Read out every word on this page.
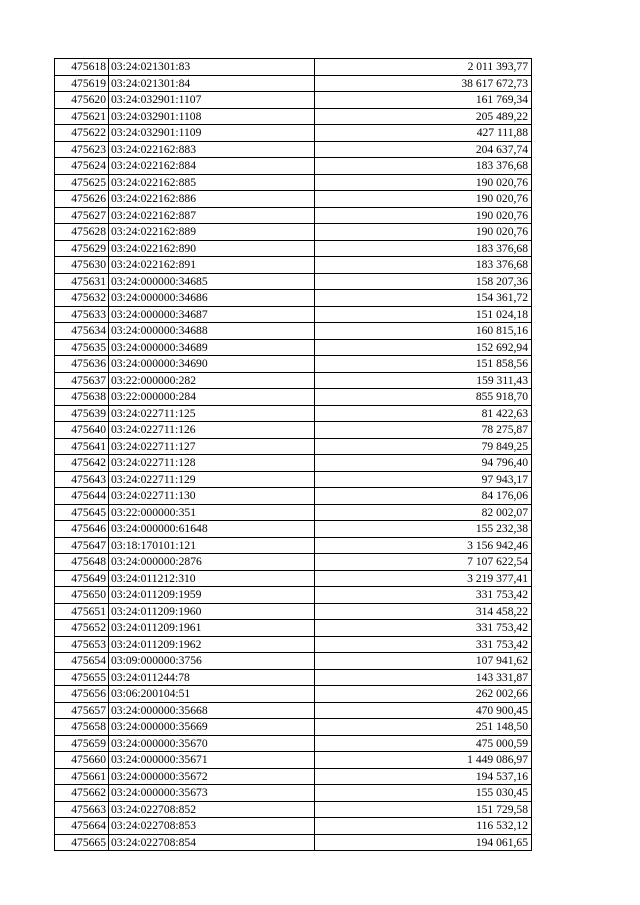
475618	03:24:021301:83	2 011 393,77
475619	03:24:021301:84	38 617 672,73
475620	03:24:032901:1107	161 769,34
475621	03:24:032901:1108	205 489,22
475622	03:24:032901:1109	427 111,88
475623	03:24:022162:883	204 637,74
475624	03:24:022162:884	183 376,68
475625	03:24:022162:885	190 020,76
475626	03:24:022162:886	190 020,76
475627	03:24:022162:887	190 020,76
475628	03:24:022162:889	190 020,76
475629	03:24:022162:890	183 376,68
475630	03:24:022162:891	183 376,68
475631	03:24:000000:34685	158 207,36
475632	03:24:000000:34686	154 361,72
475633	03:24:000000:34687	151 024,18
475634	03:24:000000:34688	160 815,16
475635	03:24:000000:34689	152 692,94
475636	03:24:000000:34690	151 858,56
475637	03:22:000000:282	159 311,43
475638	03:22:000000:284	855 918,70
475639	03:24:022711:125	81 422,63
475640	03:24:022711:126	78 275,87
475641	03:24:022711:127	79 849,25
475642	03:24:022711:128	94 796,40
475643	03:24:022711:129	97 943,17
475644	03:24:022711:130	84 176,06
475645	03:22:000000:351	82 002,07
475646	03:24:000000:61648	155 232,38
475647	03:18:170101:121	3 156 942,46
475648	03:24:000000:2876	7 107 622,54
475649	03:24:011212:310	3 219 377,41
475650	03:24:011209:1959	331 753,42
475651	03:24:011209:1960	314 458,22
475652	03:24:011209:1961	331 753,42
475653	03:24:011209:1962	331 753,42
475654	03:09:000000:3756	107 941,62
475655	03:24:011244:78	143 331,87
475656	03:06:200104:51	262 002,66
475657	03:24:000000:35668	470 900,45
475658	03:24:000000:35669	251 148,50
475659	03:24:000000:35670	475 000,59
475660	03:24:000000:35671	1 449 086,97
475661	03:24:000000:35672	194 537,16
475662	03:24:000000:35673	155 030,45
475663	03:24:022708:852	151 729,58
475664	03:24:022708:853	116 532,12
475665	03:24:022708:854	194 061,65
